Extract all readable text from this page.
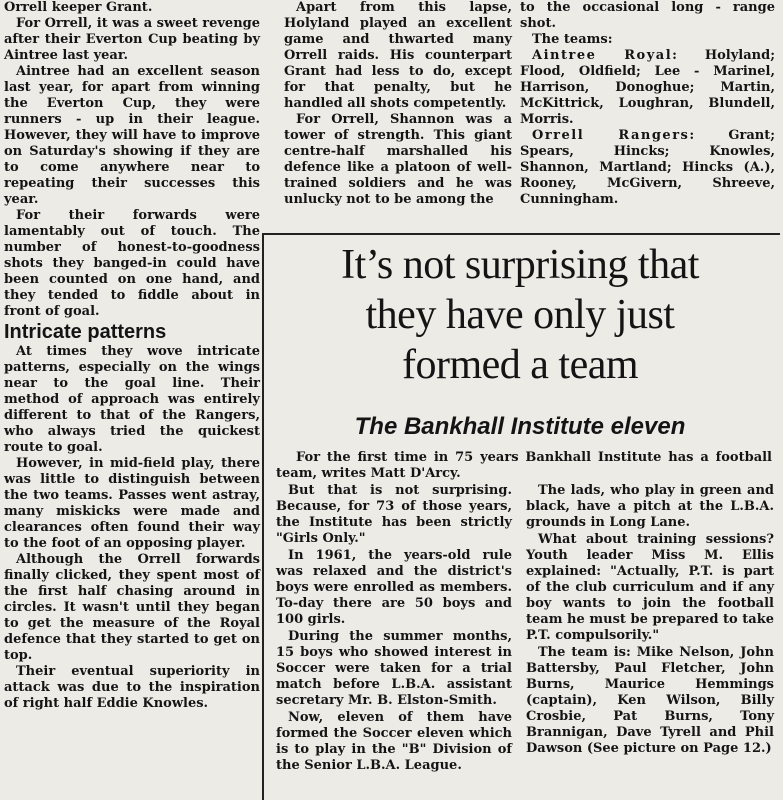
Orrell keeper Grant.

For Orrell, it was a sweet revenge after their Everton Cup beating by Aintree last year.

Aintree had an excellent season last year, for apart from winning the Everton Cup, they were runners - up in their league. However, they will have to improve on Saturday's showing if they are to come anywhere near to repeating their successes this year.

For their forwards were lamentably out of touch. The number of honest-to-goodness shots they banged-in could have been counted on one hand, and they tended to fiddle about in front of goal.

Intricate patterns

At times they wove intricate patterns, especially on the wings near to the goal line. Their method of approach was entirely different to that of the Rangers, who always tried the quickest route to goal.

However, in mid-field play, there was little to distinguish between the two teams. Passes went astray, many miskicks were made and clearances often found their way to the foot of an opposing player.

Although the Orrell forwards finally clicked, they spent most of the first half chasing around in circles. It wasn't until they began to get the measure of the Royal defence that they started to get on top.

Their eventual superiority in attack was due to the inspiration of right half Eddie Knowles.

Apart from this lapse, Holyland played an excellent game and thwarted many Orrell raids. His counterpart Grant had less to do, except for that penalty, but he handled all shots competently.

For Orrell, Shannon was a tower of strength. This giant centre-half marshalled his defence like a platoon of well-trained soldiers and he was unlucky not to be among the

to the occasional long - range shot.

The teams:

Aintree Royal: Holyland; Flood, Oldfield; Lee - Marinel, Harrison, Donoghue; Martin, McKittrick, Loughran, Blundell, Morris.

Orrell Rangers: Grant; Spears, Hincks; Knowles, Shannon, Martland; Hincks (A.), Rooney, McGivern, Shreeve, Cunningham.

It’s not surprising that
they have only just
formed a team
The Bankhall Institute eleven

For the first time in 75 years Bankhall Institute has a football team, writes Matt D'Arcy.

But that is not surprising. Because, for 73 of those years, the Institute has been strictly "Girls Only."

In 1961, the years-old rule was relaxed and the district's boys were enrolled as members. To-day there are 50 boys and 100 girls.

During the summer months, 15 boys who showed interest in Soccer were taken for a trial match before L.B.A. assistant secretary Mr. B. Elston-Smith.

Now, eleven of them have formed the Soccer eleven which is to play in the "B" Division of the Senior L.B.A. League.

The lads, who play in green and black, have a pitch at the L.B.A. grounds in Long Lane.

What about training sessions? Youth leader Miss M. Ellis explained: "Actually, P.T. is part of the club curriculum and if any boy wants to join the football team he must be prepared to take P.T. compulsorily."

The team is: Mike Nelson, John Battersby, Paul Fletcher, John Burns, Maurice Hemmings (captain), Ken Wilson, Billy Crosbie, Pat Burns, Tony Brannigan, Dave Tyrell and Phil Dawson (See picture on Page 12.)
